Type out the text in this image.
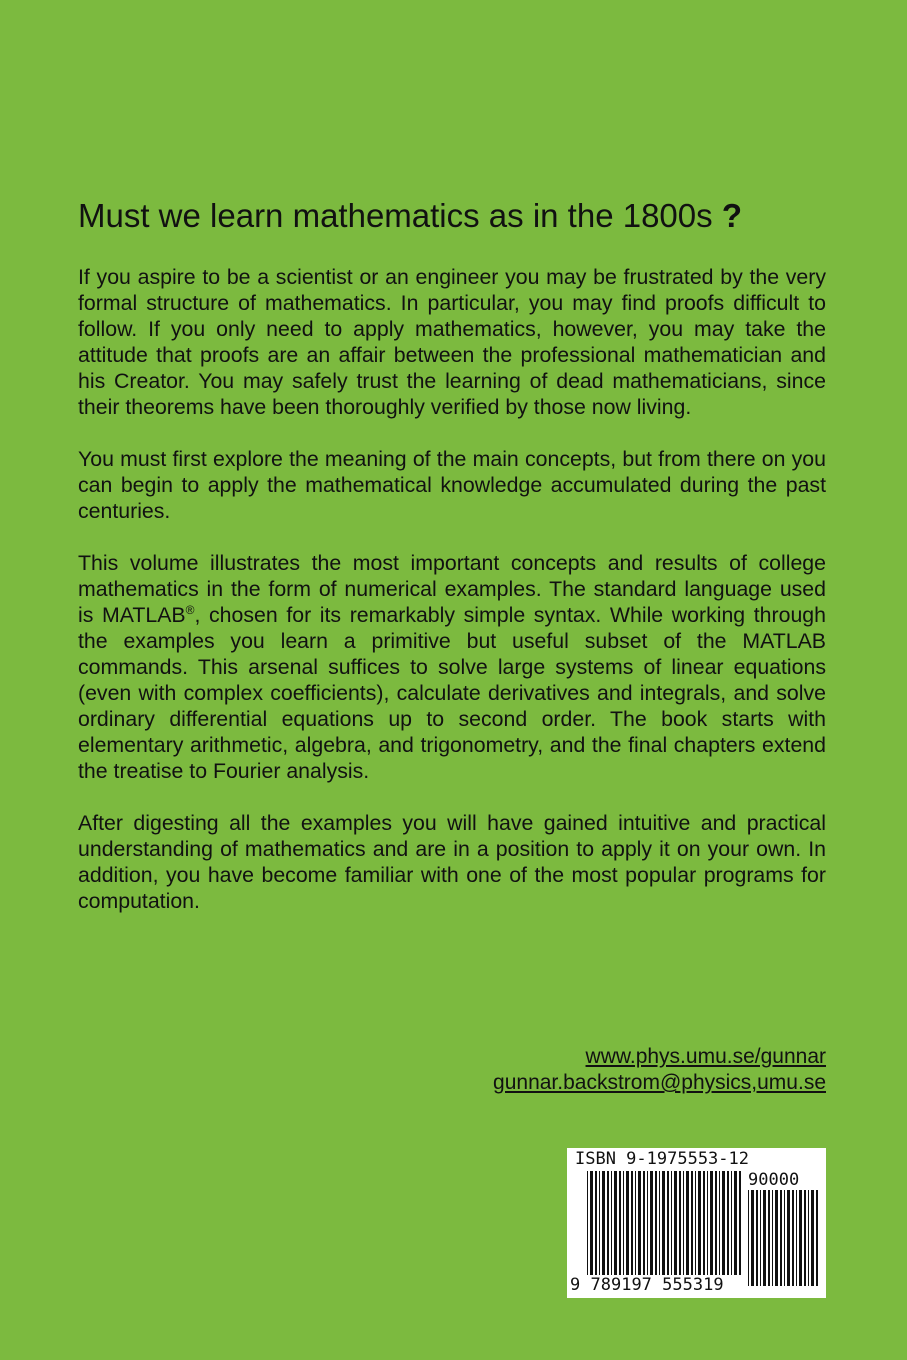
Must we learn mathematics as in the 1800s ?

If you aspire to be a scientist or an engineer you may be frustrated by the very formal structure of mathematics. In particular, you may find proofs difficult to follow. If you only need to apply mathematics, however, you may take the attitude that proofs are an affair between the professional mathematician and his Creator. You may safely trust the learning of dead mathematicians, since their theorems have been thoroughly verified by those now living.

You must first explore the meaning of the main concepts, but from there on you can begin to apply the mathematical knowledge accumulated during the past centuries.

This volume illustrates the most important concepts and results of college mathematics in the form of numerical examples. The standard language used is MATLAB®, chosen for its remarkably simple syntax. While working through the examples you learn a primitive but useful subset of the MATLAB commands. This arsenal suffices to solve large systems of linear equations (even with complex coefficients), calculate derivatives and integrals, and solve ordinary differential equations up to second order. The book starts with elementary arithmetic, algebra, and trigonometry, and the final chapters extend the treatise to Fourier analysis.

After digesting all the examples you will have gained intuitive and practical understanding of mathematics and are in a position to apply it on your own. In addition, you have become familiar with one of the most popular programs for computation.

www.phys.umu.se/gunnar
gunnar.backstrom@physics,umu.se
ISBN 9-1975553-12
90000
9 789197 555319
